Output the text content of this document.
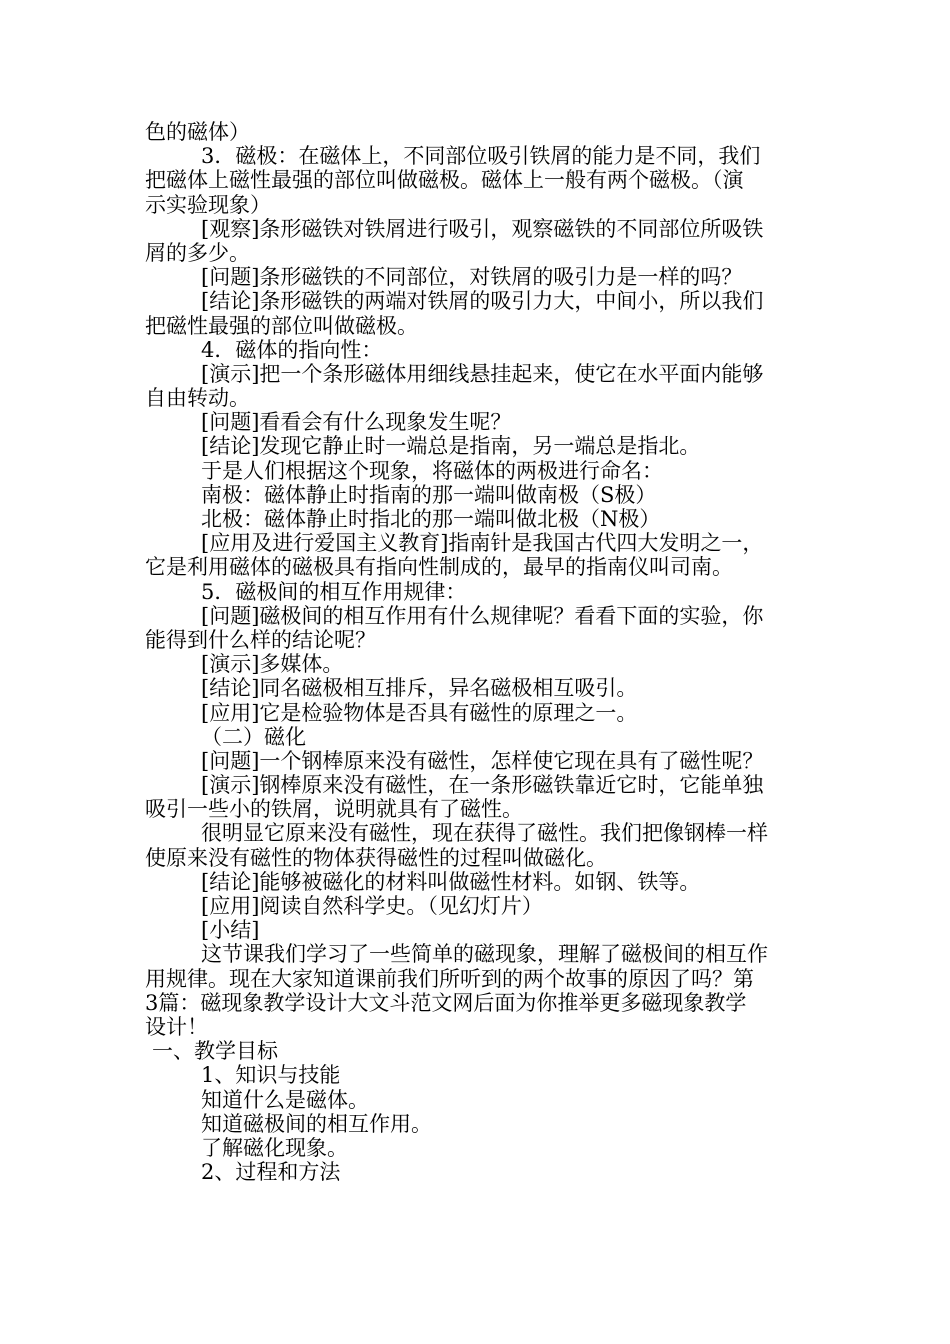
色的磁体）
3．磁极：在磁体上，不同部位吸引铁屑的能力是不同，我们
把磁体上磁性最强的部位叫做磁极。磁体上一般有两个磁极。（演
示实验现象）
[观察]条形磁铁对铁屑进行吸引，观察磁铁的不同部位所吸铁
屑的多少。
[问题]条形磁铁的不同部位，对铁屑的吸引力是一样的吗？
[结论]条形磁铁的两端对铁屑的吸引力大，中间小，所以我们
把磁性最强的部位叫做磁极。
4．磁体的指向性：
[演示]把一个条形磁体用细线悬挂起来，使它在水平面内能够
自由转动。
[问题]看看会有什么现象发生呢？
[结论]发现它静止时一端总是指南，另一端总是指北。
于是人们根据这个现象，将磁体的两极进行命名：
南极：磁体静止时指南的那一端叫做南极（S极）
北极：磁体静止时指北的那一端叫做北极（N极）
[应用及进行爱国主义教育]指南针是我国古代四大发明之一，
它是利用磁体的磁极具有指向性制成的，最早的指南仪叫司南。
5．磁极间的相互作用规律：
[问题]磁极间的相互作用有什么规律呢？看看下面的实验，你
能得到什么样的结论呢？
[演示]多媒体。
[结论]同名磁极相互排斥，异名磁极相互吸引。
[应用]它是检验物体是否具有磁性的原理之一。
（二）磁化
[问题]一个钢棒原来没有磁性，怎样使它现在具有了磁性呢？
[演示]钢棒原来没有磁性，在一条形磁铁靠近它时，它能单独
吸引一些小的铁屑，说明就具有了磁性。
很明显它原来没有磁性，现在获得了磁性。我们把像钢棒一样
使原来没有磁性的物体获得磁性的过程叫做磁化。
[结论]能够被磁化的材料叫做磁性材料。如钢、铁等。
[应用]阅读自然科学史。（见幻灯片）
[小结]
这节课我们学习了一些简单的磁现象，理解了磁极间的相互作
用规律。现在大家知道课前我们所听到的两个故事的原因了吗？第
3篇：磁现象教学设计大文斗范文网后面为你推举更多磁现象教学
设计！
一、教学目标
1、知识与技能
知道什么是磁体。
知道磁极间的相互作用。
了解磁化现象。
2、过程和方法
